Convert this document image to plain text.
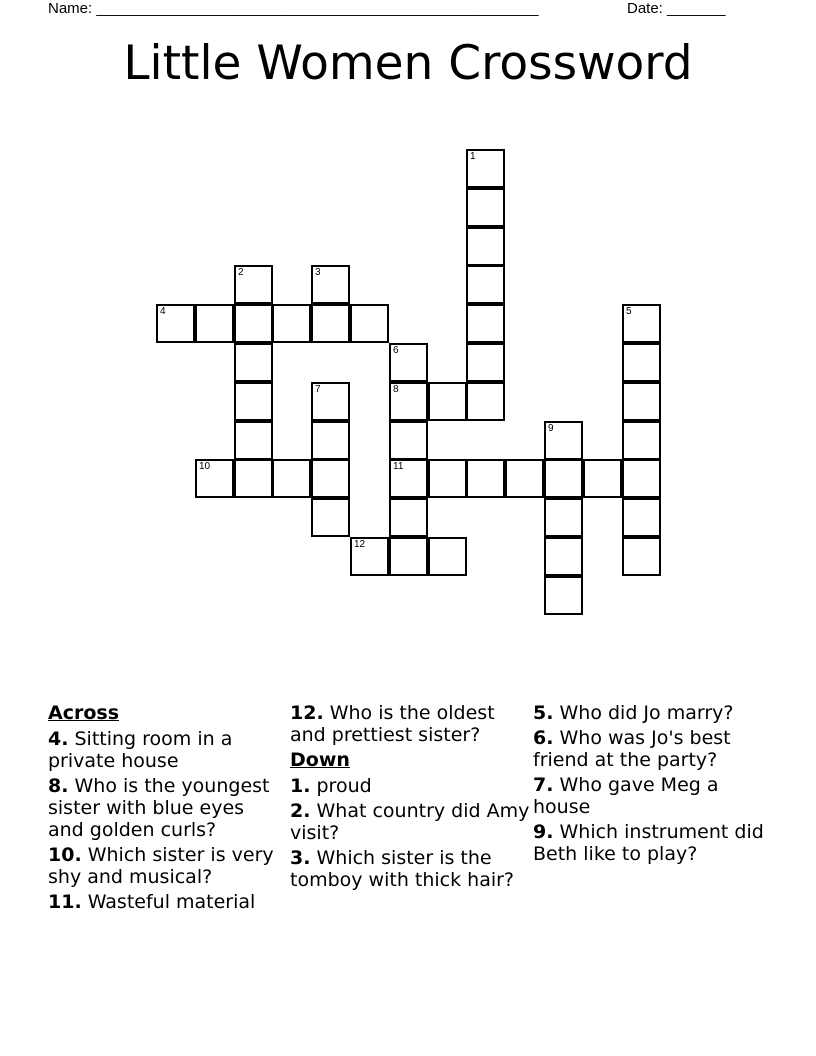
Name: _____________________________________________________	Date: _______
Little Women Crossword
1
2	3
4	5
6
7	8
9
10	11
12
Across
4. Sitting room in a private house
8. Who is the youngest sister with blue eyes and golden curls?
10. Which sister is very shy and musical?
11. Wasteful material
12. Who is the oldest and prettiest sister?
Down
1. proud
2. What country did Amy visit?
3. Which sister is the tomboy with thick hair?
5. Who did Jo marry?
6. Who was Jo's best friend at the party?
7. Who gave Meg a house
9. Which instrument did Beth like to play?
